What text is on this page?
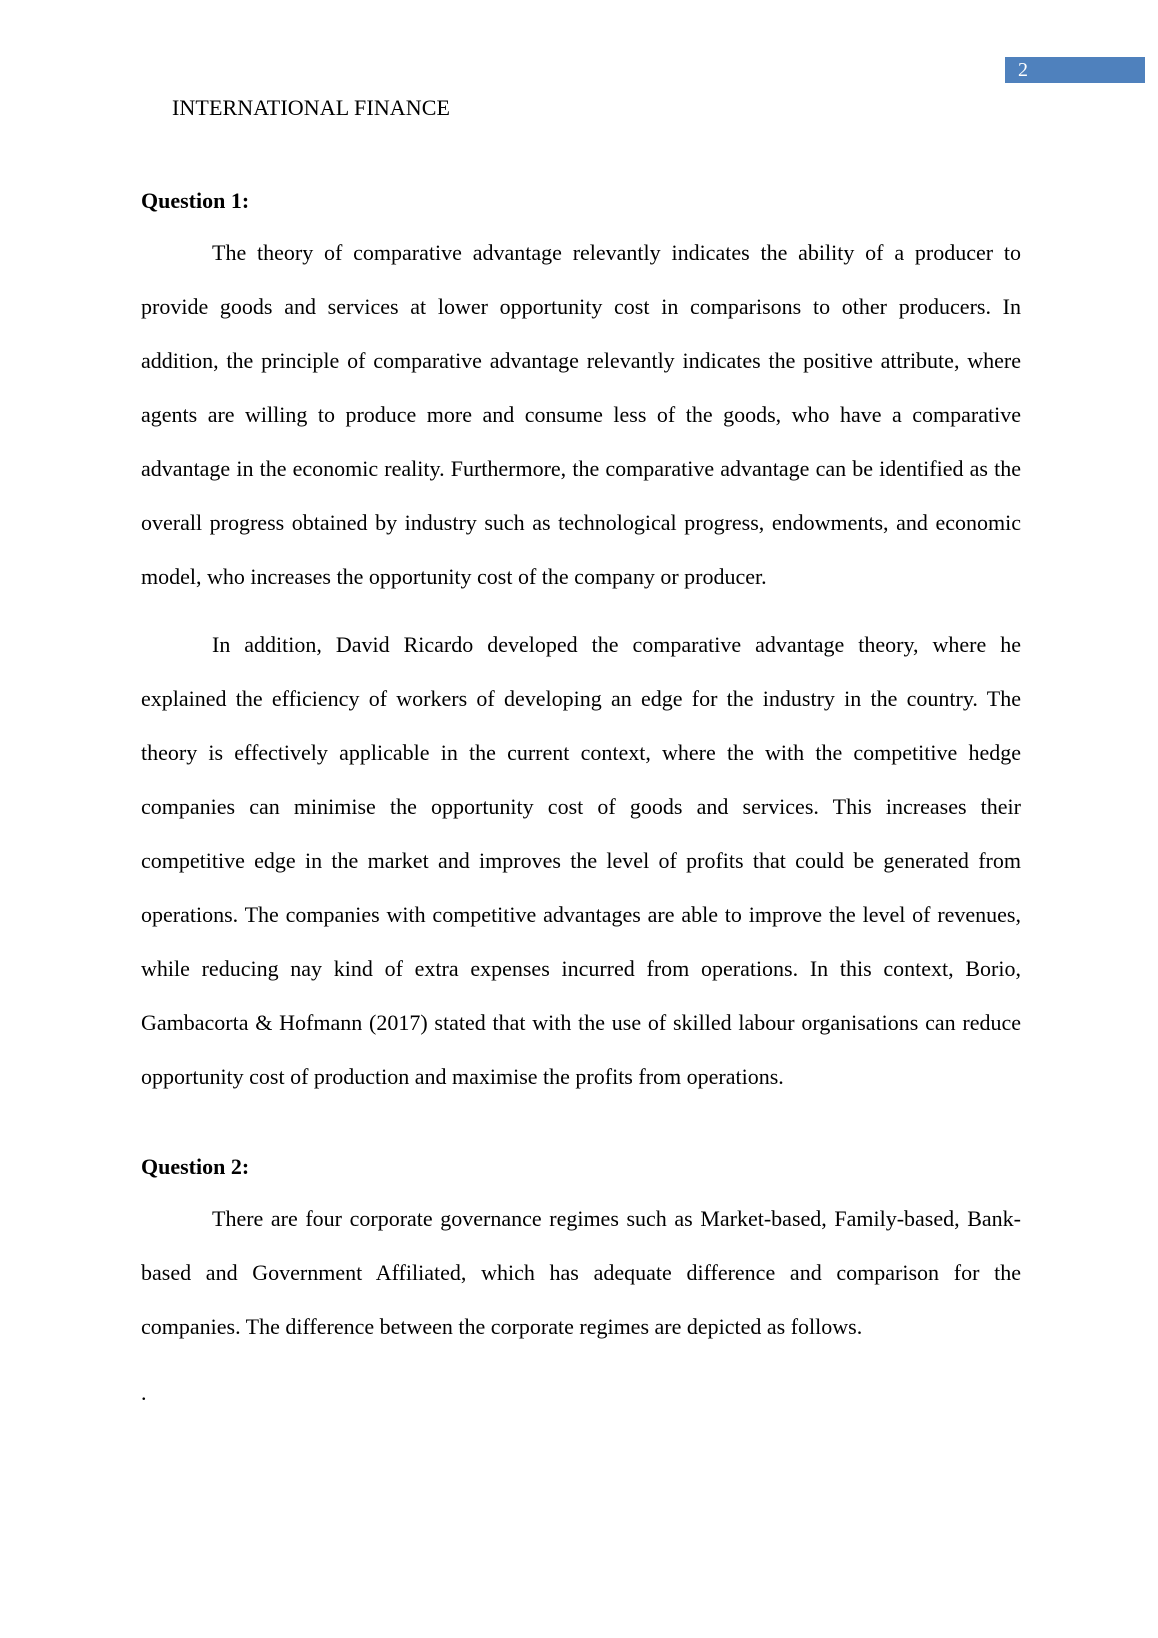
2
INTERNATIONAL FINANCE

Question 1:

The theory of comparative advantage relevantly indicates the ability of a producer to provide goods and services at lower opportunity cost in comparisons to other producers. In addition, the principle of comparative advantage relevantly indicates the positive attribute, where agents are willing to produce more and consume less of the goods, who have a comparative advantage in the economic reality. Furthermore, the comparative advantage can be identified as the overall progress obtained by industry such as technological progress, endowments, and economic model, who increases the opportunity cost of the company or producer.

In addition, David Ricardo developed the comparative advantage theory, where he explained the efficiency of workers of developing an edge for the industry in the country. The theory is effectively applicable in the current context, where the with the competitive hedge companies can minimise the opportunity cost of goods and services. This increases their competitive edge in the market and improves the level of profits that could be generated from operations. The companies with competitive advantages are able to improve the level of revenues, while reducing nay kind of extra expenses incurred from operations. In this context, Borio, Gambacorta & Hofmann (2017) stated that with the use of skilled labour organisations can reduce opportunity cost of production and maximise the profits from operations.

Question 2:

There are four corporate governance regimes such as Market-based, Family-based, Bank-based and Government Affiliated, which has adequate difference and comparison for the companies. The difference between the corporate regimes are depicted as follows.

.
